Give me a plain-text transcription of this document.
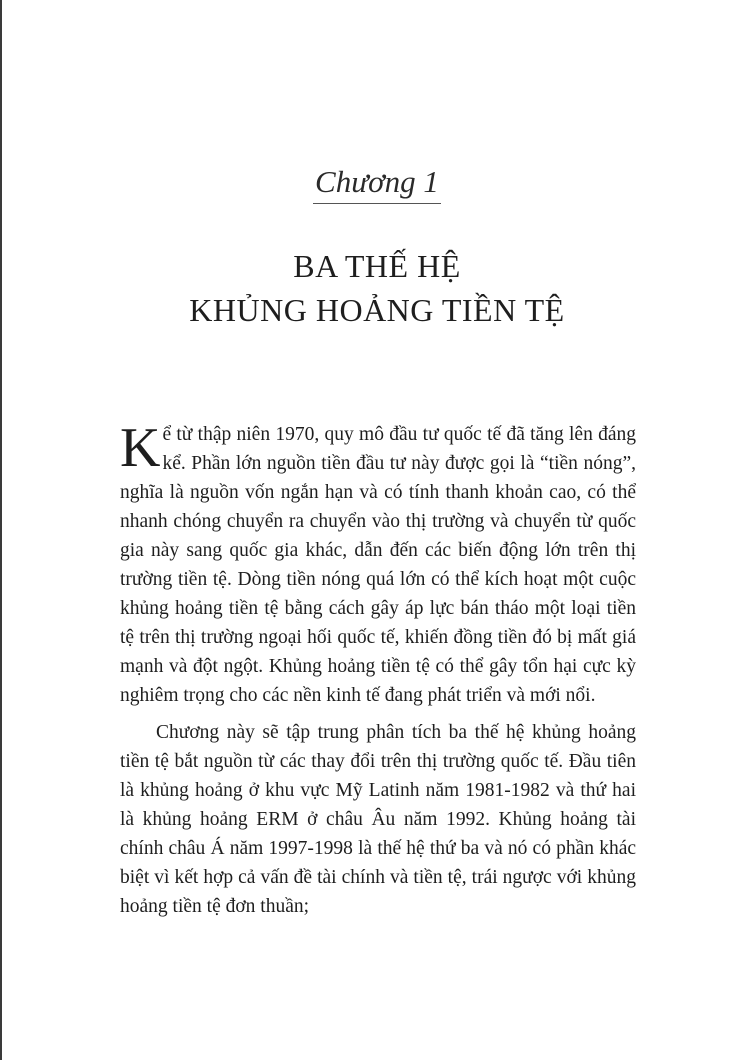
Chương 1
BA THẾ HỆ
KHỦNG HOẢNG TIỀN TỆ

Kể từ thập niên 1970, quy mô đầu tư quốc tế đã tăng lên đáng kể. Phần lớn nguồn tiền đầu tư này được gọi là “tiền nóng”, nghĩa là nguồn vốn ngắn hạn và có tính thanh khoản cao, có thể nhanh chóng chuyển ra chuyển vào thị trường và chuyển từ quốc gia này sang quốc gia khác, dẫn đến các biến động lớn trên thị trường tiền tệ. Dòng tiền nóng quá lớn có thể kích hoạt một cuộc khủng hoảng tiền tệ bằng cách gây áp lực bán tháo một loại tiền tệ trên thị trường ngoại hối quốc tế, khiến đồng tiền đó bị mất giá mạnh và đột ngột. Khủng hoảng tiền tệ có thể gây tổn hại cực kỳ nghiêm trọng cho các nền kinh tế đang phát triển và mới nổi.

Chương này sẽ tập trung phân tích ba thế hệ khủng hoảng tiền tệ bắt nguồn từ các thay đổi trên thị trường quốc tế. Đầu tiên là khủng hoảng ở khu vực Mỹ Latinh năm 1981-1982 và thứ hai là khủng hoảng ERM ở châu Âu năm 1992. Khủng hoảng tài chính châu Á năm 1997-1998 là thế hệ thứ ba và nó có phần khác biệt vì kết hợp cả vấn đề tài chính và tiền tệ, trái ngược với khủng hoảng tiền tệ đơn thuần;
